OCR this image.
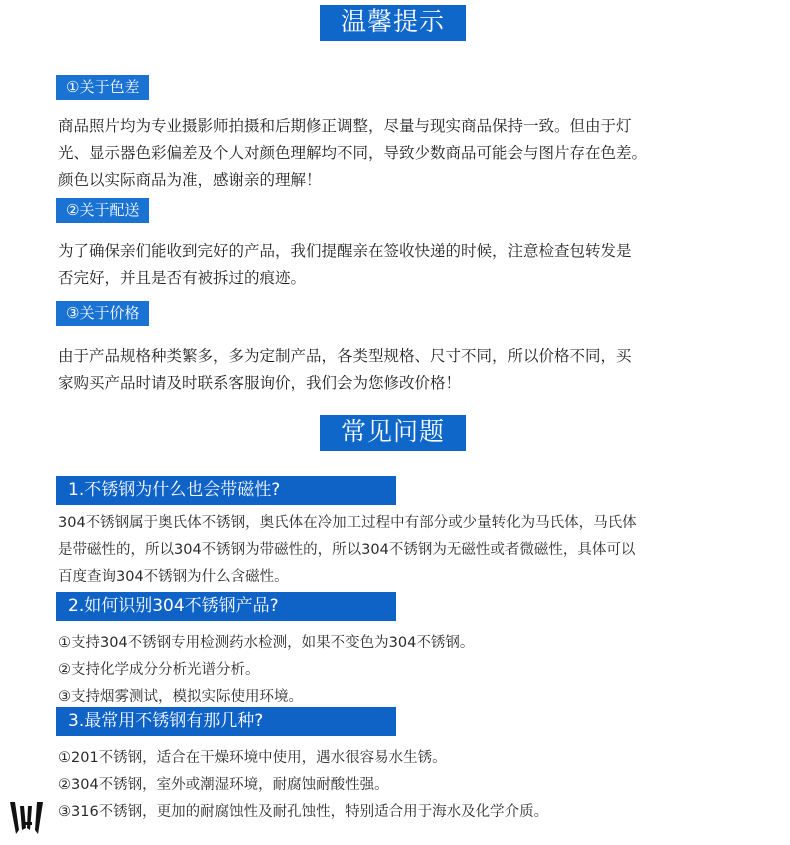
温馨提示
①关于色差
商品照片均为专业摄影师拍摄和后期修正调整，尽量与现实商品保持一致。但由于灯
光、显示器色彩偏差及个人对颜色理解均不同，导致少数商品可能会与图片存在色差。
颜色以实际商品为准，感谢亲的理解！
②关于配送
为了确保亲们能收到完好的产品，我们提醒亲在签收快递的时候，注意检查包转发是
否完好，并且是否有被拆过的痕迹。
③关于价格
由于产品规格种类繁多，多为定制产品，各类型规格、尺寸不同，所以价格不同，买
家购买产品时请及时联系客服询价，我们会为您修改价格！
常见问题
1.不锈钢为什么也会带磁性?
304不锈钢属于奥氏体不锈钢，奥氏体在冷加工过程中有部分或少量转化为马氏体，马氏体
是带磁性的，所以304不锈钢为带磁性的，所以304不锈钢为无磁性或者微磁性，具体可以
百度查询304不锈钢为什么含磁性。
2.如何识别304不锈钢产品?
①支持304不锈钢专用检测药水检测，如果不变色为304不锈钢。
②支持化学成分分析光谱分析。
③支持烟雾测试，模拟实际使用环境。
3.最常用不锈钢有那几种?
①201不锈钢，适合在干燥环境中使用，遇水很容易水生锈。
②304不锈钢，室外或潮湿环境，耐腐蚀耐酸性强。
③316不锈钢，更加的耐腐蚀性及耐孔蚀性，特别适合用于海水及化学介质。
